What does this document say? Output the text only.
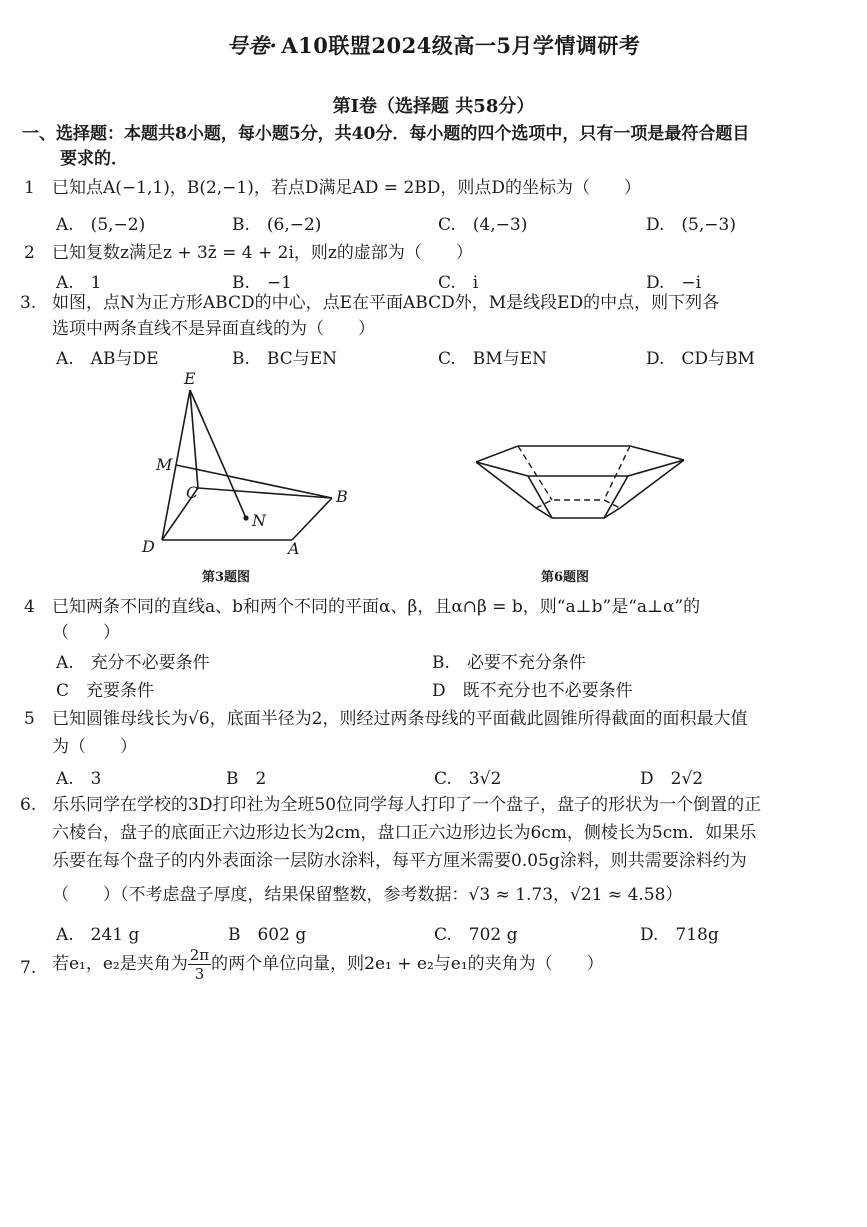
号卷· A10联盟2024级高一5月学情调研考
第Ⅰ卷（选择题 共58分）
一、选择题：本题共8小题，每小题5分，共40分．每小题的四个选项中，只有一项是最符合题目
要求的．
1 已知点A(−1,1)，B(2,−1)，若点D满足AD = 2BD，则点D的坐标为（　　）
A.　(5,−2)	B.　(6,−2)	C.　(4,−3)	D.　(5,−3)
2 已知复数z满足z + 3z̄ = 4 + 2i，则z的虚部为（　　）
A.　1	B.　−1	C.　i	D.　−i
3. 如图，点N为正方形ABCD的中心，点E在平面ABCD外，M是线段ED的中点，则下列各
选项中两条直线不是异面直线的为（　　）
A.　AB与DE	B.　BC与EN	C.　BM与EN	D.　CD与BM
E
M
C	B
N
D	A
第3题图	第6题图
4 已知两条不同的直线a、b和两个不同的平面α、β，且α∩β = b，则“a⊥b”是“a⊥α”的
（　　）
A.　充分不必要条件	B.　必要不充分条件
C　充要条件	D　既不充分也不必要条件
5 已知圆锥母线长为√6，底面半径为2，则经过两条母线的平面截此圆锥所得截面的面积最大值
为（　　）
A.　3	B　2	C.　3√2	D　2√2
6. 乐乐同学在学校的3D打印社为全班50位同学每人打印了一个盘子，盘子的形状为一个倒置的正
六棱台，盘子的底面正六边形边长为2cm，盘口正六边形边长为6cm，侧棱长为5cm．如果乐
乐要在每个盘子的内外表面涂一层防水涂料，每平方厘米需要0.05g涂料，则共需要涂料约为
（　　）（不考虑盘子厚度，结果保留整数，参考数据：√3 ≈ 1.73，√21 ≈ 4.58）
A.　241 g	B　602 g	C.　702 g	D.　718g
7. 若e₁，e₂是夹角为 $\frac{2\pi}{3}$ 的两个单位向量，则2e₁ + e₂与e₁的夹角为（　　）
